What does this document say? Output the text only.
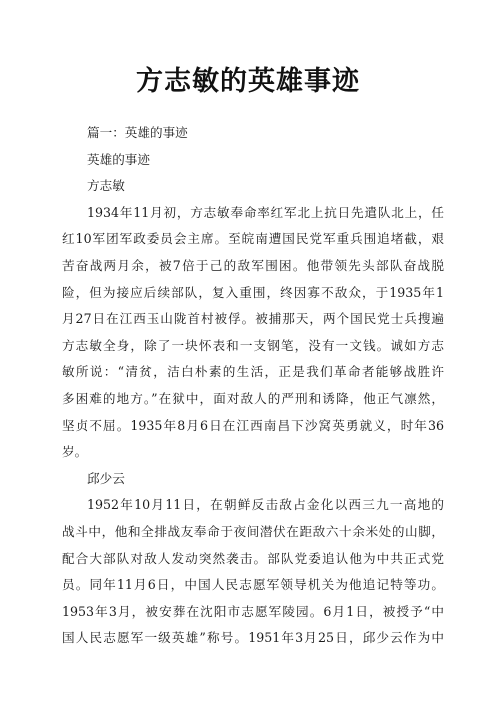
方志敏的英雄事迹
篇一：英雄的事迹
英雄的事迹
方志敏
1934年11月初，方志敏奉命率红军北上抗日先遣队北上，任
红10军团军政委员会主席。至皖南遭国民党军重兵围追堵截，艰
苦奋战两月余，被7倍于己的敌军围困。他带领先头部队奋战脱
险，但为接应后续部队，复入重围，终因寡不敌众，于1935年1
月27日在江西玉山陇首村被俘。被捕那天，两个国民党士兵搜遍
方志敏全身，除了一块怀表和一支钢笔，没有一文钱。诚如方志
敏所说：“清贫，洁白朴素的生活，正是我们革命者能够战胜许
多困难的地方。”在狱中，面对敌人的严刑和诱降，他正气凛然，
坚贞不屈。1935年8月6日在江西南昌下沙窝英勇就义，时年36
岁。
邱少云
1952年10月11日，在朝鲜反击敌占金化以西三九一高地的
战斗中，他和全排战友奉命于夜间潜伏在距敌六十余米处的山脚，
配合大部队对敌人发动突然袭击。部队党委追认他为中共正式党
员。同年11月6日，中国人民志愿军领导机关为他追记特等功。
1953年3月，被安葬在沈阳市志愿军陵园。6月1日，被授予“中
国人民志愿军一级英雄”称号。1951年3月25日，邱少云作为中
